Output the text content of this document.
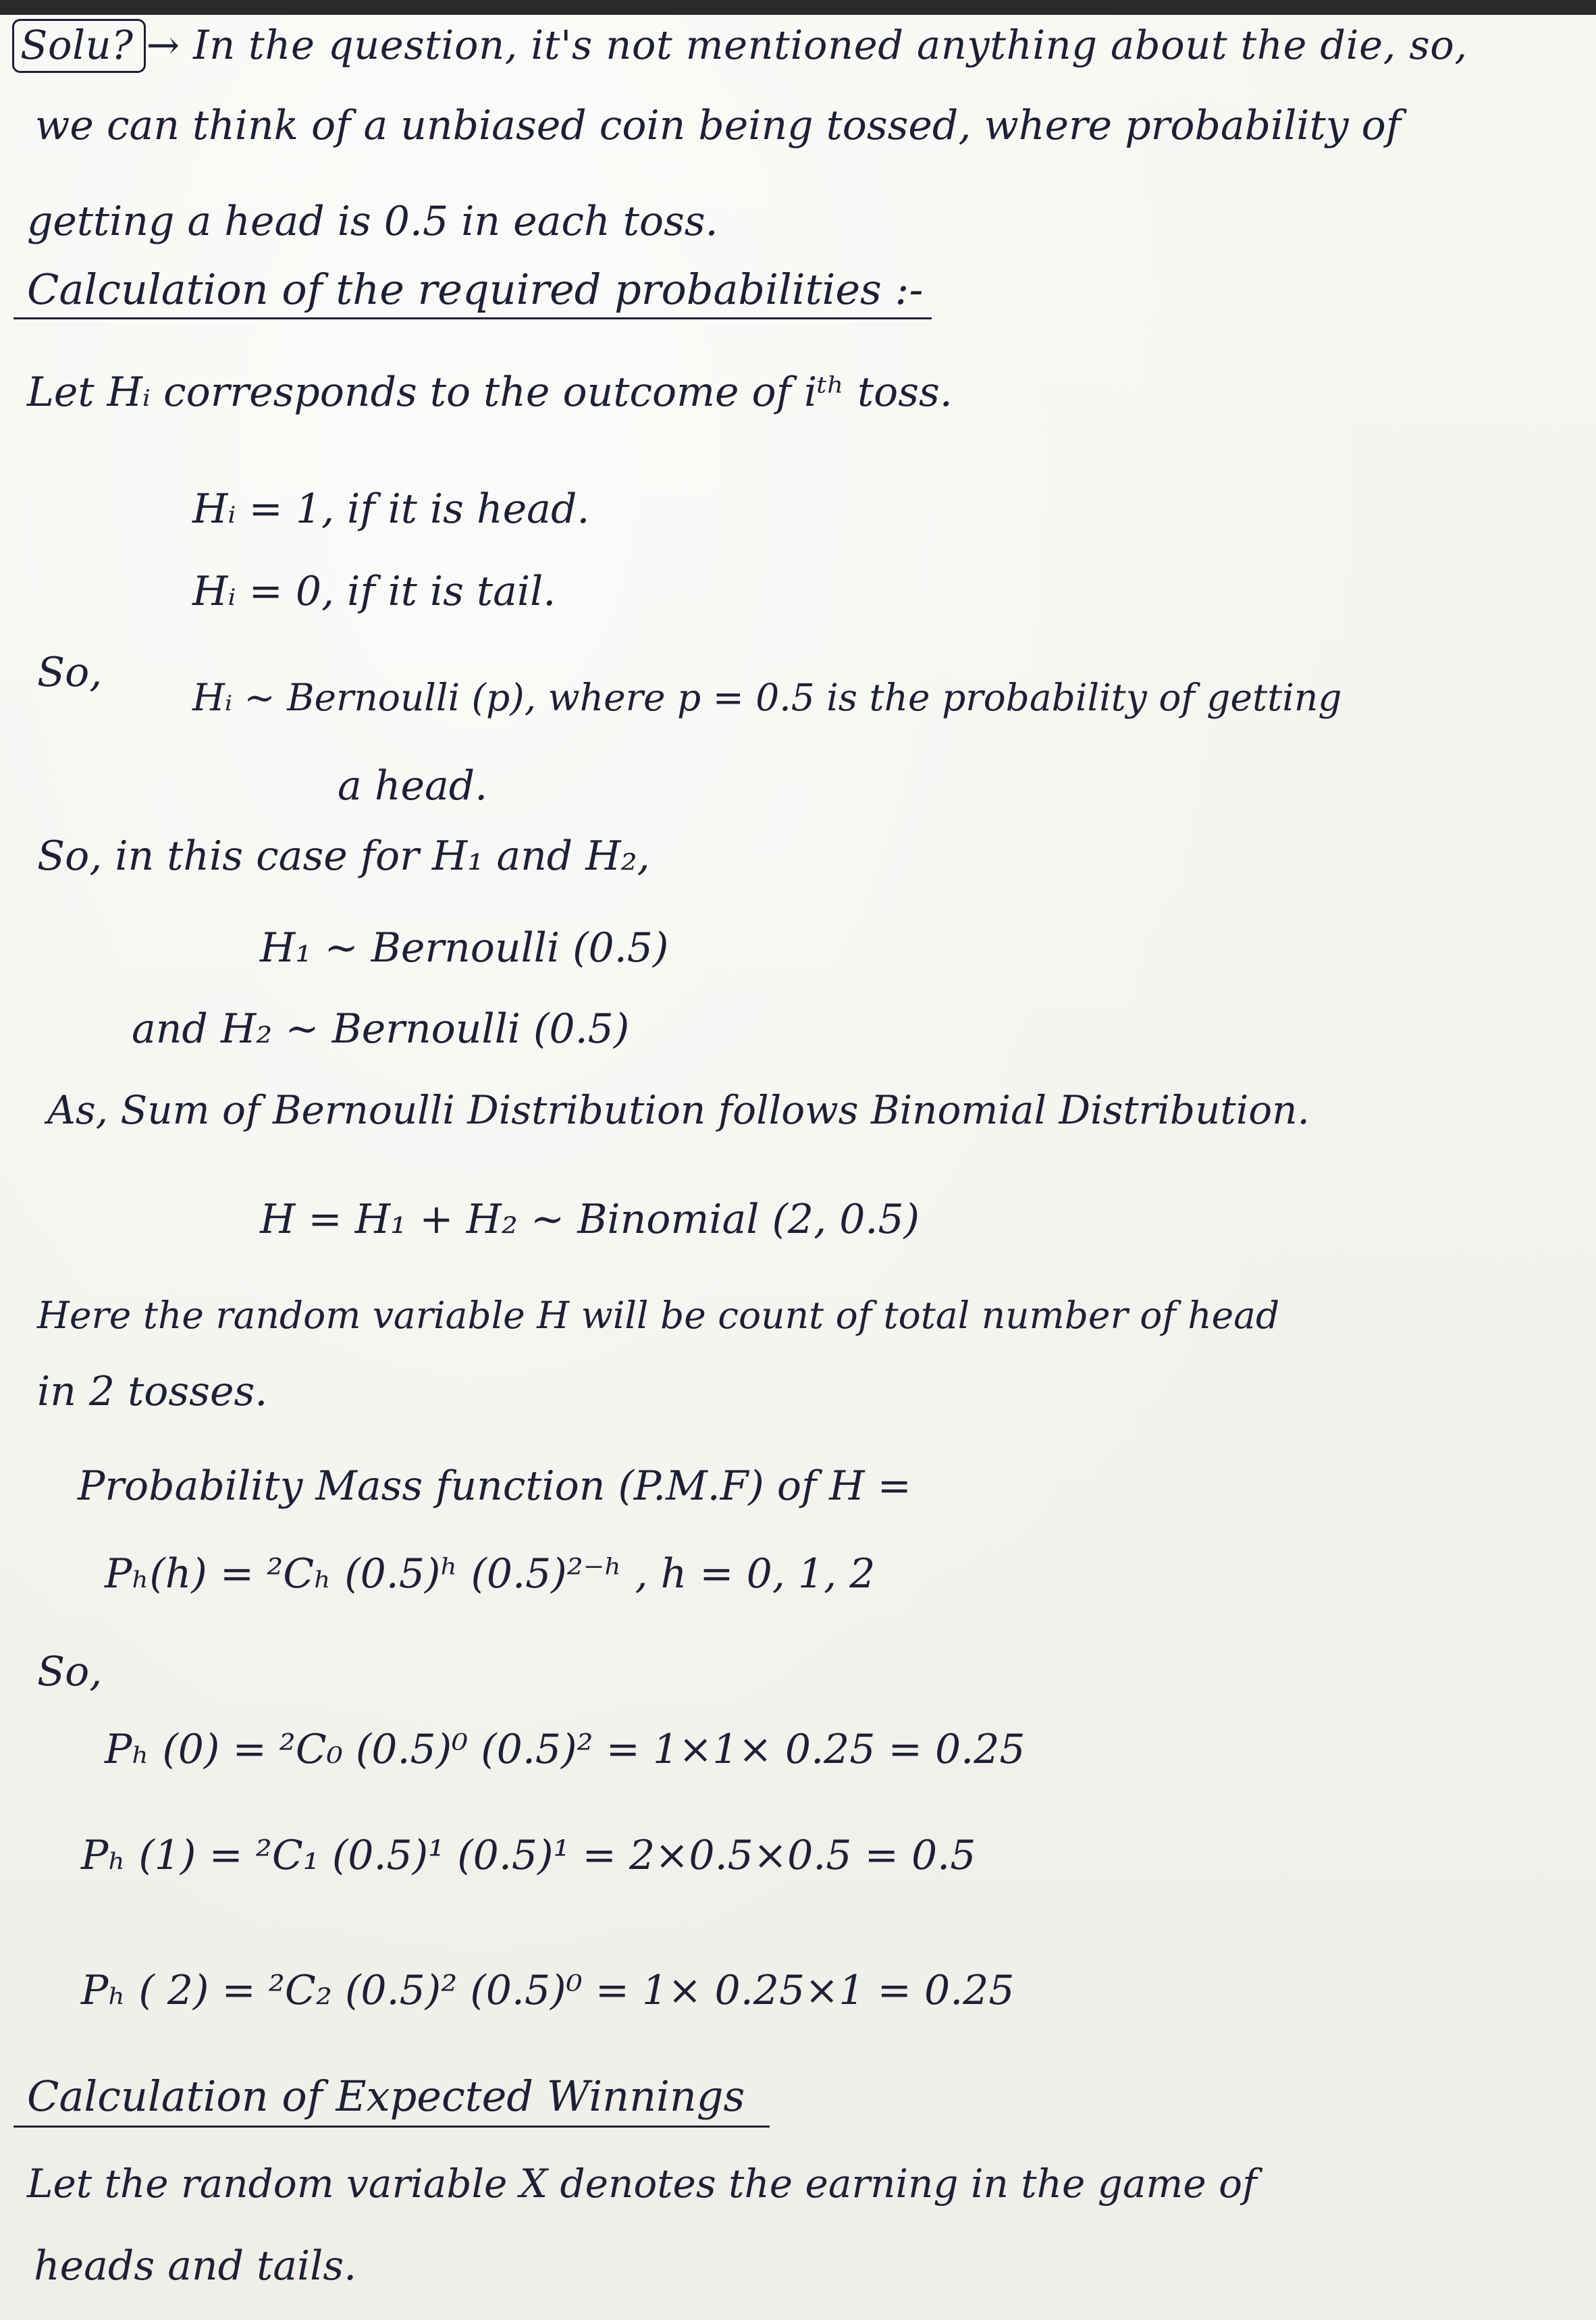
Solu? → In the question, it's not mentioned anything about the die, so,
we can think of a unbiased coin being tossed, where probability of
getting a head is 0.5 in each toss.
Calculation of the required probabilities :-
Let Hᵢ corresponds to the outcome of iᵗʰ toss.
Hᵢ = 1, if it is head.
Hᵢ = 0, if it is tail.
So,
Hᵢ ~ Bernoulli (p), where p = 0.5 is the probability of getting
a head.
So, in this case for H₁ and H₂,
H₁ ~ Bernoulli (0.5)
and H₂ ~ Bernoulli (0.5)
As, Sum of Bernoulli Distribution follows Binomial Distribution.
H = H₁ + H₂ ~ Binomial (2, 0.5)
Here the random variable H will be count of total number of head
in 2 tosses.
Probability Mass function (P.M.F) of H =
Pₕ(h) = ²Cₕ (0.5)ʰ (0.5)²⁻ʰ , h = 0, 1, 2
So,
Pₕ (0) = ²C₀ (0.5)⁰ (0.5)² = 1×1× 0.25 = 0.25
Pₕ (1) = ²C₁ (0.5)¹ (0.5)¹ = 2×0.5×0.5 = 0.5
Pₕ ( 2) = ²C₂ (0.5)² (0.5)⁰ = 1× 0.25×1 = 0.25
Calculation of Expected Winnings
Let the random variable X denotes the earning in the game of
heads and tails.
